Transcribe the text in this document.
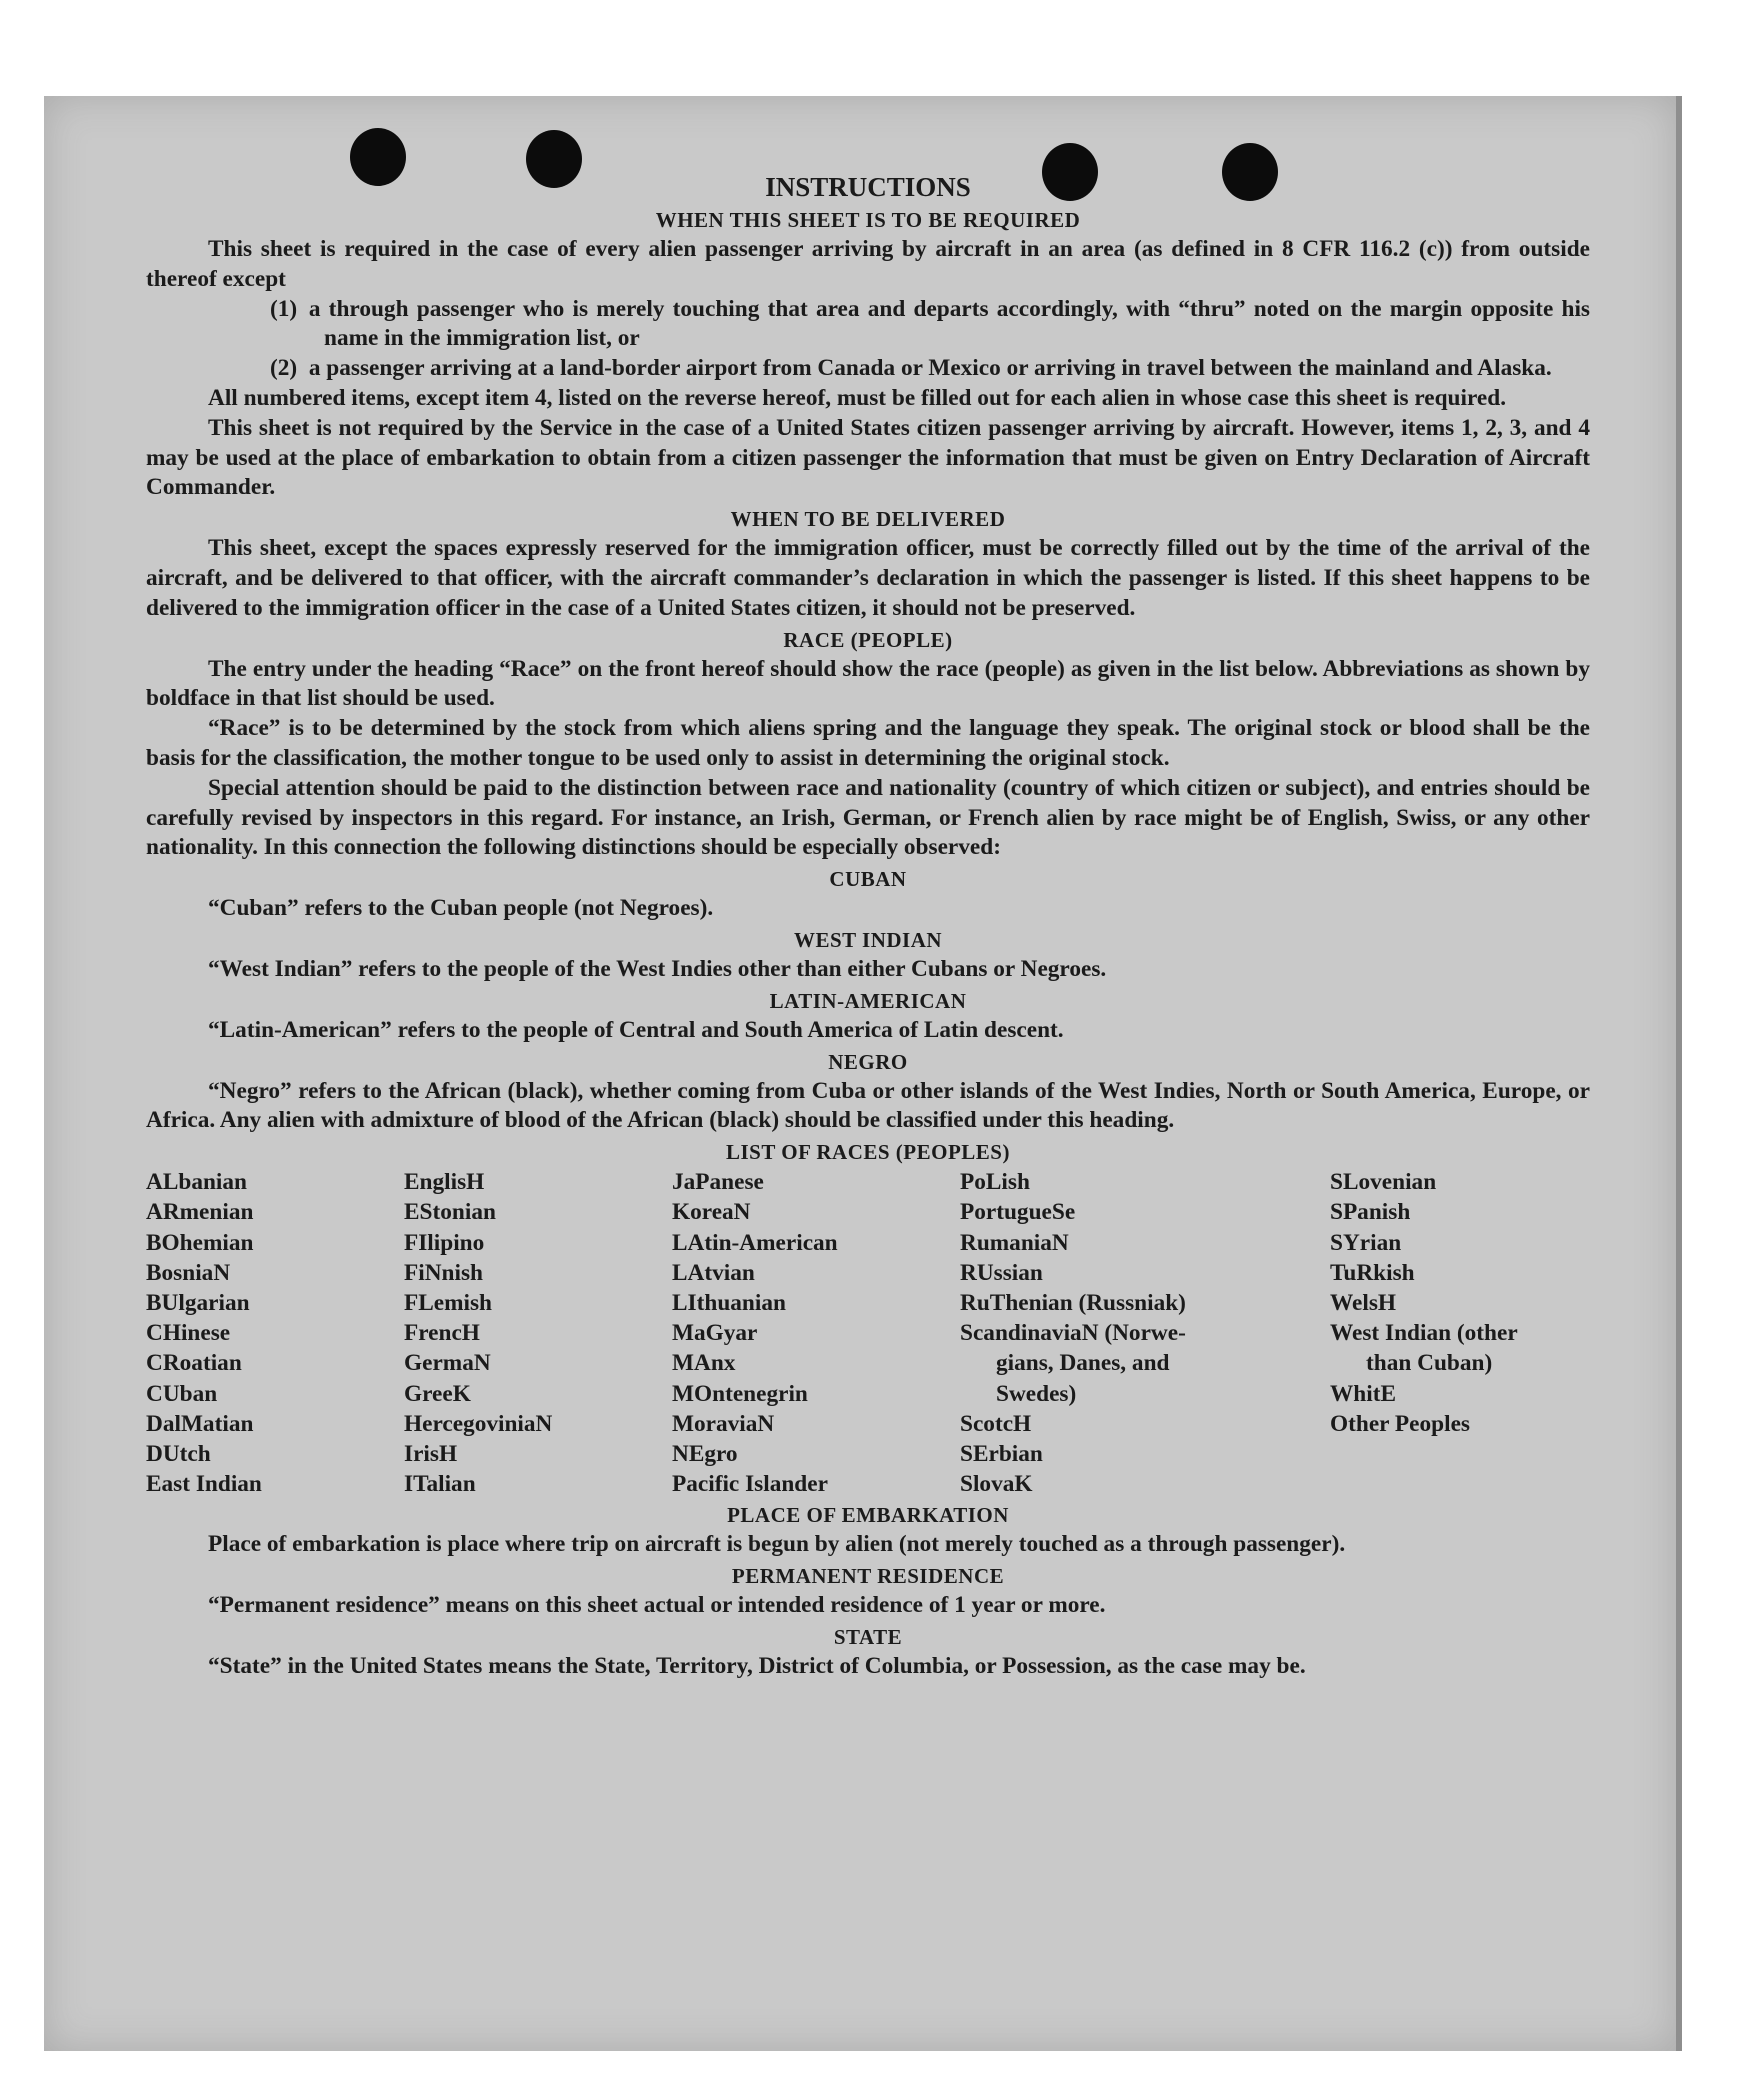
INSTRUCTIONS

WHEN THIS SHEET IS TO BE REQUIRED

This sheet is required in the case of every alien passenger arriving by aircraft in an area (as defined in 8 CFR 116.2 (c)) from outside thereof except

(1) a through passenger who is merely touching that area and departs accordingly, with “thru” noted on the margin opposite his name in the immigration list, or

(2) a passenger arriving at a land-border airport from Canada or Mexico or arriving in travel between the mainland and Alaska.

All numbered items, except item 4, listed on the reverse hereof, must be filled out for each alien in whose case this sheet is required.

This sheet is not required by the Service in the case of a United States citizen passenger arriving by aircraft. However, items 1, 2, 3, and 4 may be used at the place of embarkation to obtain from a citizen passenger the information that must be given on Entry Declaration of Aircraft Commander.

WHEN TO BE DELIVERED

This sheet, except the spaces expressly reserved for the immigration officer, must be correctly filled out by the time of the arrival of the aircraft, and be delivered to that officer, with the aircraft commander’s declaration in which the passenger is listed. If this sheet happens to be delivered to the immigration officer in the case of a United States citizen, it should not be preserved.

RACE (PEOPLE)

The entry under the heading “Race” on the front hereof should show the race (people) as given in the list below. Abbreviations as shown by boldface in that list should be used.

“Race” is to be determined by the stock from which aliens spring and the language they speak. The original stock or blood shall be the basis for the classification, the mother tongue to be used only to assist in determining the original stock.

Special attention should be paid to the distinction between race and nationality (country of which citizen or subject), and entries should be carefully revised by inspectors in this regard. For instance, an Irish, German, or French alien by race might be of English, Swiss, or any other nationality. In this connection the following distinctions should be especially observed:

CUBAN

“Cuban” refers to the Cuban people (not Negroes).

WEST INDIAN

“West Indian” refers to the people of the West Indies other than either Cubans or Negroes.

LATIN-AMERICAN

“Latin-American” refers to the people of Central and South America of Latin descent.

NEGRO

“Negro” refers to the African (black), whether coming from Cuba or other islands of the West Indies, North or South America, Europe, or Africa. Any alien with admixture of blood of the African (black) should be classified under this heading.

LIST OF RACES (PEOPLES)

ALbanian
ARmenian
BOhemian
BosniaN
BUlgarian
CHinese
CRoatian
CUban
DalMatian
DUtch
East Indian
EnglisH
EStonian
FIlipino
FiNnish
FLemish
FrencH
GermaN
GreeK
HercegoviniaN
IrisH
ITalian
JaPanese
KoreaN
LAtin-American
LAtvian
LIthuanian
MaGyar
MAnx
MOntenegrin
MoraviaN
NEgro
Pacific Islander
PoLish
PortugueSe
RumaniaN
RUssian
RuThenian (Russniak)
ScandinaviaN (Norwe-
gians, Danes, and
Swedes)
ScotcH
SErbian
SlovaK
SLovenian
SPanish
SYrian
TuRkish
WelsH
West Indian (other
than Cuban)
WhitE
Other Peoples

PLACE OF EMBARKATION

Place of embarkation is place where trip on aircraft is begun by alien (not merely touched as a through passenger).

PERMANENT RESIDENCE

“Permanent residence” means on this sheet actual or intended residence of 1 year or more.

STATE

“State” in the United States means the State, Territory, District of Columbia, or Possession, as the case may be.
